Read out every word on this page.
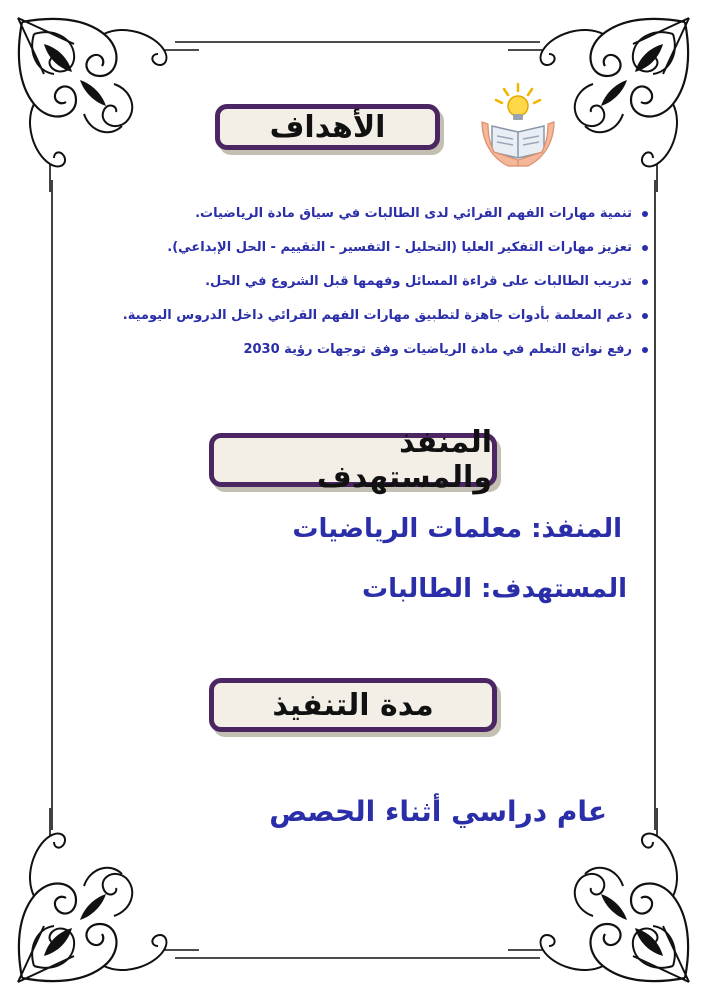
الأهداف
تنمية مهارات الفهم القرائي لدى الطالبات في سياق مادة الرياضيات.
تعزيز مهارات التفكير العليا (التحليل - التفسير - التقييم - الحل الإبداعي).
تدريب الطالبات على قراءة المسائل وفهمها قبل الشروع في الحل.
دعم المعلمة بأدوات جاهزة لتطبيق مهارات الفهم القرائي داخل الدروس اليومية.
رفع نواتج التعلم في مادة الرياضيات وفق توجهات رؤية 2030
المنفذ والمستهدف
المنفذ: معلمات الرياضيات
المستهدف: الطالبات
مدة التنفيذ
عام دراسي أثناء الحصص
